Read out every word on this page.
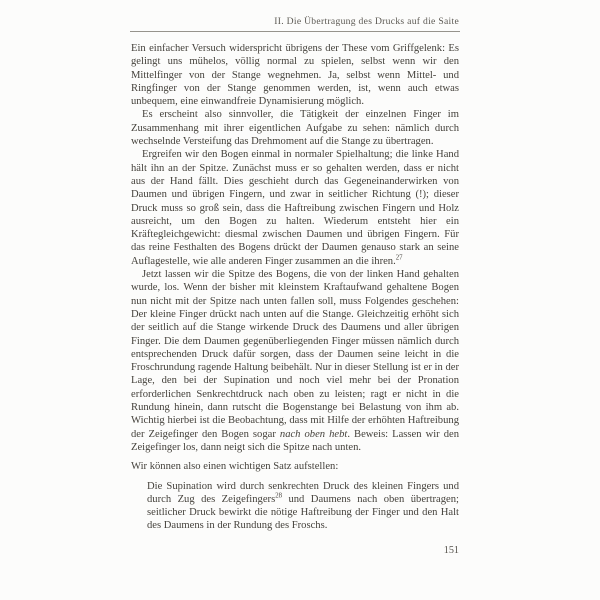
II. Die Übertragung des Drucks auf die Saite

Ein einfacher Versuch widerspricht übrigens der These vom Griffgelenk: Es gelingt uns mühelos, völlig normal zu spielen, selbst wenn wir den Mittelfinger von der Stange wegnehmen. Ja, selbst wenn Mittel- und Ringfinger von der Stange genommen werden, ist, wenn auch etwas unbequem, eine einwandfreie Dynamisierung möglich.

Es erscheint also sinnvoller, die Tätigkeit der einzelnen Finger im Zusammenhang mit ihrer eigentlichen Aufgabe zu sehen: nämlich durch wechselnde Versteifung das Drehmoment auf die Stange zu übertragen.

Ergreifen wir den Bogen einmal in normaler Spielhaltung; die linke Hand hält ihn an der Spitze. Zunächst muss er so gehalten werden, dass er nicht aus der Hand fällt. Dies geschieht durch das Gegeneinanderwirken von Daumen und übrigen Fingern, und zwar in seitlicher Richtung (!); dieser Druck muss so groß sein, dass die Haftreibung zwischen Fingern und Holz ausreicht, um den Bogen zu halten. Wiederum entsteht hier ein Kräftegleichgewicht: diesmal zwischen Daumen und übrigen Fingern. Für das reine Festhalten des Bogens drückt der Daumen genauso stark an seine Auflagestelle, wie alle anderen Finger zusammen an die ihren.$^{27}$

Jetzt lassen wir die Spitze des Bogens, die von der linken Hand gehalten wurde, los. Wenn der bisher mit kleinstem Kraftaufwand gehaltene Bogen nun nicht mit der Spitze nach unten fallen soll, muss Folgendes geschehen: Der kleine Finger drückt nach unten auf die Stange. Gleichzeitig erhöht sich der seitlich auf die Stange wirkende Druck des Daumens und aller übrigen Finger. Die dem Daumen gegenüberliegenden Finger müssen nämlich durch entsprechenden Druck dafür sorgen, dass der Daumen seine leicht in die Froschrundung ragende Haltung beibehält. Nur in dieser Stellung ist er in der Lage, den bei der Supination und noch viel mehr bei der Pronation erforderlichen Senkrechtdruck nach oben zu leisten; ragt er nicht in die Rundung hinein, dann rutscht die Bogenstange bei Belastung von ihm ab. Wichtig hierbei ist die Beobachtung, dass mit Hilfe der erhöhten Haftreibung der Zeigefinger den Bogen sogar nach oben hebt. Beweis: Lassen wir den Zeigefinger los, dann neigt sich die Spitze nach unten.

Wir können also einen wichtigen Satz aufstellen:

Die Supination wird durch senkrechten Druck des kleinen Fingers und durch Zug des Zeigefingers$^{28}$ und Daumens nach oben übertragen; seitlicher Druck bewirkt die nötige Haftreibung der Finger und den Halt des Daumens in der Rundung des Froschs.

151
